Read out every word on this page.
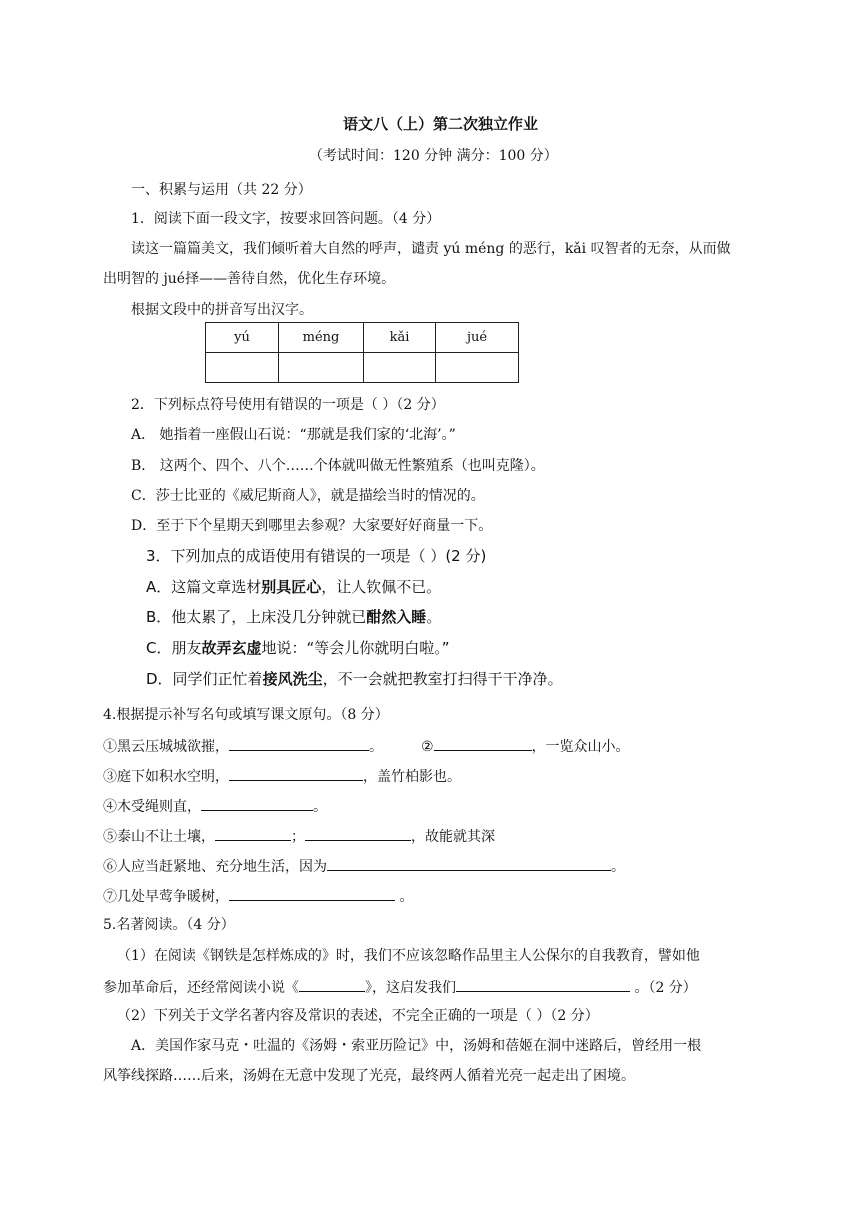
语文八（上）第二次独立作业
（考试时间：120 分钟 满分：100 分）
一、积累与运用（共 22 分）
1．阅读下面一段文字，按要求回答问题。（4 分）
读这一篇篇美文，我们倾听着大自然的呼声，谴责 yú méng 的恶行，kǎi 叹智者的无奈，从而做
出明智的 jué择——善待自然，优化生存环境。
根据文段中的拼音写出汉字。
yú	méng	kǎi	jué

2．下列标点符号使用有错误的一项是（ ）（2 分）
A． 她指着一座假山石说：“那就是我们家的‘北海’。”
B． 这两个、四个、八个……个体就叫做无性繁殖系（也叫克隆）。
C．莎士比亚的《威尼斯商人》，就是描绘当时的情况的。
D．至于下个星期天到哪里去参观？大家要好好商量一下。
3．下列加点的成语使用有错误的一项是（ ）(2 分)
A．这篇文章选材别具匠心，让人钦佩不已。
B．他太累了，上床没几分钟就已酣然入睡。
C．朋友故弄玄虚地说：“等会儿你就明白啦。”
D．同学们正忙着接风洗尘，不一会就把教室打扫得干干净净。
4.根据提示补写名句或填写课文原句。（8 分）
①黑云压城城欲摧，	。	②	，一览众山小。
③庭下如积水空明，	，盖竹柏影也。
④木受绳则直，	。
⑤泰山不让土壤，	；	，故能就其深
⑥人应当赶紧地、充分地生活，因为	。
⑦几处早莺争暖树，	。
5.名著阅读。（4 分）
（1）在阅读《钢铁是怎样炼成的》时，我们不应该忽略作品里主人公保尔的自我教育，譬如他
参加革命后，还经常阅读小说《	》，这启发我们	。（2 分）
（2）下列关于文学名著内容及常识的表述，不完全正确的一项是（ ）（2 分）
A．美国作家马克・吐温的《汤姆・索亚历险记》中，汤姆和蓓姬在洞中迷路后，曾经用一根
风筝线探路……后来，汤姆在无意中发现了光亮，最终两人循着光亮一起走出了困境。
